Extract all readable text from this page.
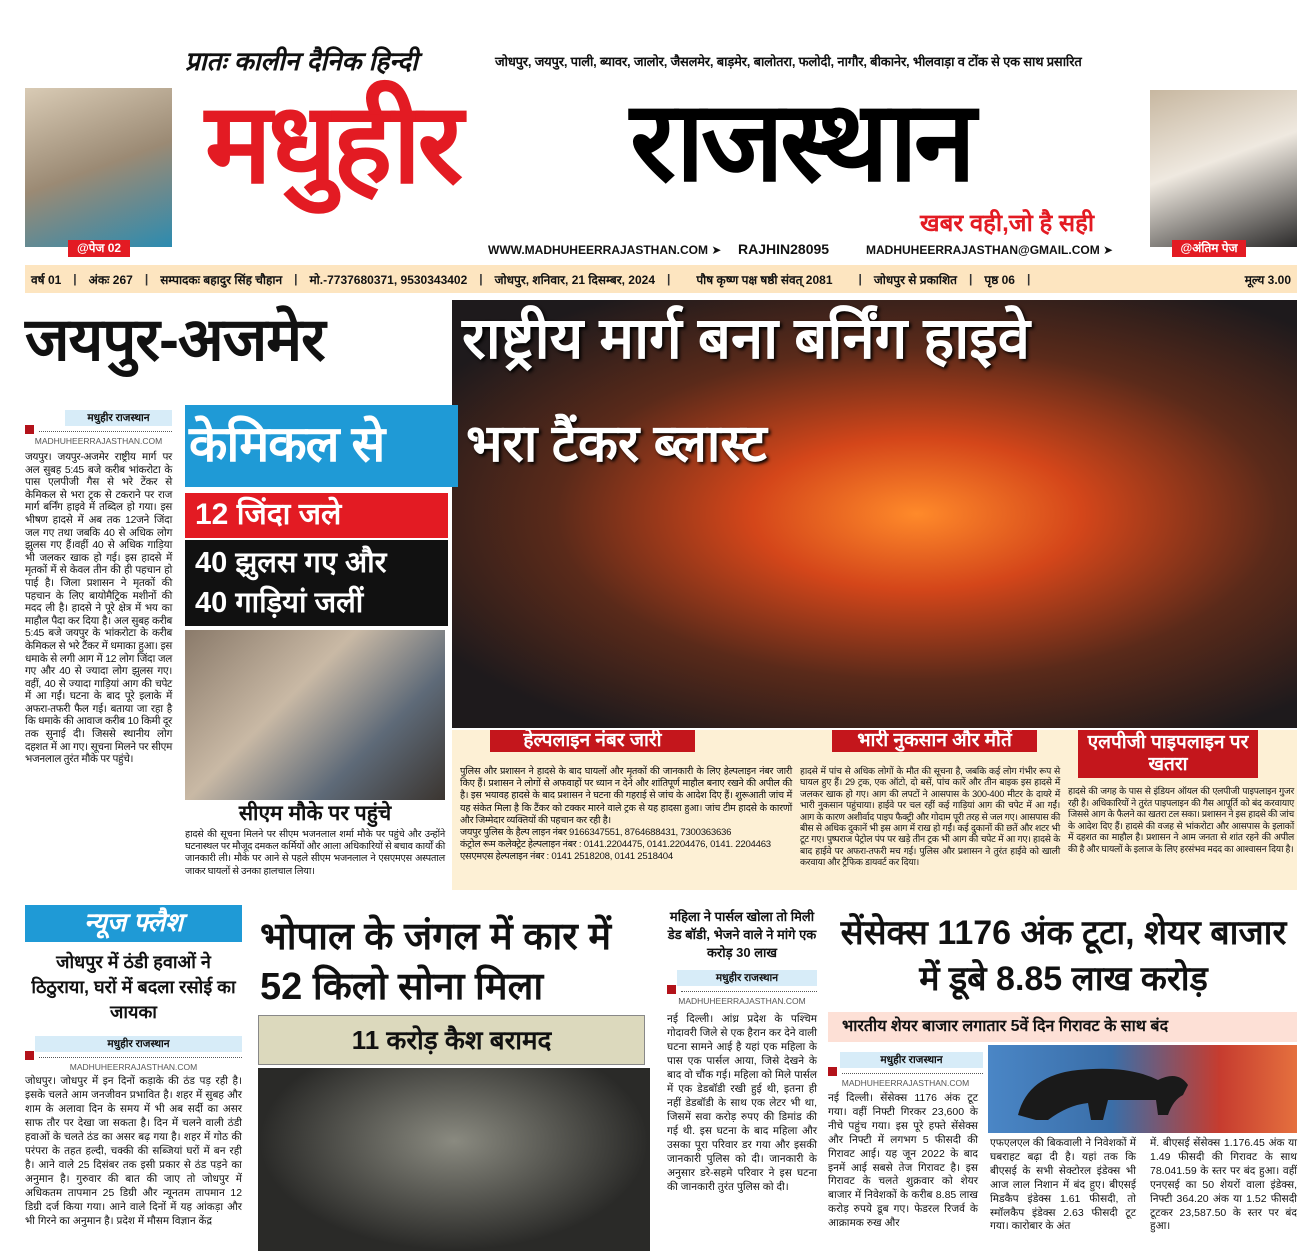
@पेज 02	@अंतिम पेज
प्रातः कालीन दैनिक हिन्दी	जोधपुर, जयपुर, पाली, ब्यावर, जालोर, जैसलमेर, बाड़मेर, बालोतरा, फलोदी, नागौर, बीकानेर, भीलवाड़ा व टोंक से एक साथ प्रसारित
मधुहीर राजस्थान
खबर वही,जो है सही
WWW.MADHUHEERRAJASTHAN.COM ➤ RAJHIN28095	MADHUHEERRAJASTHAN@GMAIL.COM ➤
वर्ष 01	|	अंकः 267	|	सम्पादकः बहादुर सिंह चौहान	|	मो.-7737680371, 9530343402	|	जोधपुर, शनिवार, 21 दिसम्बर, 2024	|	पौष कृष्ण पक्ष षष्ठी संवत् 2081	|	जोधपुर से प्रकाशित	|	पृष्ठ 06	|	मूल्य 3.00
जयपुर-अजमेर	राष्ट्रीय मार्ग बना बर्निंग हाइवे
केमिकल से	भरा टैंकर ब्लास्ट
12 जिंदा जले
40 झुलस गए और
40 गाड़ियां जलीं
सीएम मौके पर पहुंचे
हादसे की सूचना मिलने पर सीएम भजनलाल शर्मा मौके पर पहुंचे और उन्होंने घटनास्थल पर मौजूद दमकल कर्मियों और आला अधिकारियों से बचाव कार्यों की जानकारी ली। मौके पर आने से पहले सीएम भजनलाल ने एसएमएस अस्पताल जाकर घायलों से उनका हालचाल लिया।
मधुहीर राजस्थान
MADHUHEERRAJASTHAN.COM
जयपुर। जयपुर-अजमेर राष्ट्रीय मार्ग पर अल सुबह 5:45 बजे करीब भांकरोटा के पास एलपीजी गैस से भरे टेंकर से केमिकल से भरा ट्रक से टकराने पर राज मार्ग बर्निंग हाइवे में तब्दिल हो गया। इस भीषण हादसे में अब तक 12जने जिंदा जल गए तथा जबकि 40 से अधिक लोग झुलस गए हैं।वहीं 40 से अधिक गाड़िया भी जलकर खाक हो गई। इस हादसे में मृतकों में से केवल तीन की ही पहचान हो पाई है। जिला प्रशासन ने मृतकों की पहचान के लिए बायोमैट्रिक मशीनों की मदद ली है। हादसे ने पूरे क्षेत्र में भय का माहौल पैदा कर दिया है। अल सुबह करीब 5:45 बजे जयपुर के भांकरोटा के करीब केमिकल से भरे टैंकर में धमाका हुआ। इस धमाके से लगी आग में 12 लोग जिंदा जल गए और 40 से ज्यादा लोग झुलस गए। वहीं, 40 से ज्यादा गाड़ियां आग की चपेट में आ गईं। घटना के बाद पूरे इलाके में अफरा-तफरी फैल गई। बताया जा रहा है कि धमाके की आवाज करीब 10 किमी दूर तक सुनाई दी। जिससे स्थानीय लोग दहशत में आ गए। सूचना मिलने पर सीएम भजनलाल तुरंत मौके पर पहुंचे।
हेल्पलाइन नंबर जारी
पुलिस और प्रशासन ने हादसे के बाद घायलों और मृतकों की जानकारी के लिए हेल्पलाइन नंबर जारी किए हैं। प्रशासन ने लोगों से अफवाहों पर ध्यान न देने और शांतिपूर्ण माहौल बनाए रखने की अपील की है। इस भयावह हादसे के बाद प्रशासन ने घटना की गहराई से जांच के आदेश दिए हैं। शुरूआती जांच में यह संकेत मिला है कि टैंकर को टक्कर मारने वाले ट्रक से यह हादसा हुआ। जांच टीम हादसे के कारणों और जिम्मेदार व्यक्तियों की पहचान कर रही है।
जयपुर पुलिस के हैल्प लाइन नंबर 9166347551, 8764688431, 7300363636
कंट्रोल रूम कलेक्ट्रेट हेल्पलाइन नंबर : 0141.2204475, 0141.2204476, 0141. 2204463
एसएमएस हेल्पलाइन नंबर : 0141 2518208, 0141 2518404
भारी नुकसान और मौतें
हादसे में पांच से अधिक लोगों के मौत की सूचना है, जबकि कई लोग गंभीर रूप से घायल हुए हैं। 29 ट्रक, एक ऑटो, दो बसें, पांच कारें और तीन बाइक इस हादसे में जलकर खाक हो गए। आग की लपटों ने आसपास के 300-400 मीटर के दायरे में भारी नुकसान पहुंचाया। हाईवे पर चल रहीं कई गाड़ियां आग की चपेट में आ गईं। आग के कारण अशीर्वाद पाइप फैक्ट्री और गोदाम पूरी तरह से जल गए। आसपास की बीस से अधिक दुकानें भी इस आग में राख हो गईं। कई दुकानों की छतें और शटर भी टूट गए। पुष्पराज पेट्रोल पंप पर खड़े तीन ट्रक भी आग की चपेट में आ गए। हादसे के बाद हाईवे पर अफरा-तफरी मच गई। पुलिस और प्रशासन ने तुरंत हाईवे को खाली करवाया और ट्रैफिक डायवर्ट कर दिया।
एलपीजी पाइपलाइन पर खतरा
हादसे की जगह के पास से इंडियन ऑयल की एलपीजी पाइपलाइन गुजर रही है। अधिकारियों ने तुरंत पाइपलाइन की गैस आपूर्ति को बंद करवायाए जिससे आग के फैलने का खतरा टल सका। प्रशासन ने इस हादसे की जांच के आदेश दिए हैं। हादसे की वजह से भांकरोटा और आसपास के इलाकों में दहशत का माहौल है। प्रशासन ने आम जनता से शांत रहने की अपील की है और घायलों के इलाज के लिए हरसंभव मदद का आश्वासन दिया है।
न्यूज फ्लैश
जोधपुर में ठंडी हवाओं ने ठिठुराया, घरों में बदला रसोई का जायका
मधुहीर राजस्थान
MADHUHEERRAJASTHAN.COM
जोधपुर। जोधपुर में इन दिनों कड़ाके की ठंड पड़ रही है। इसके चलते आम जनजीवन प्रभावित है। शहर में सुबह और शाम के अलावा दिन के समय में भी अब सर्दी का असर साफ तौर पर देखा जा सकता है। दिन में चलने वाली ठंडी हवाओं के चलते ठंड का असर बढ़ गया है। शहर में गोठ की परंपरा के तहत हल्दी, चक्की की सब्जियां घरों में बन रही है। आने वाले 25 दिसंबर तक इसी प्रकार से ठंड पड़ने का अनुमान है। गुरुवार की बात की जाए तो जोधपुर में अधिकतम तापमान 25 डिग्री और न्यूनतम तापमान 12 डिग्री दर्ज किया गया। आने वाले दिनों में यह आंकड़ा और भी गिरने का अनुमान है। प्रदेश में मौसम विज्ञान केंद्र
भोपाल के जंगल में कार में 52 किलो सोना मिला
11 करोड़ कैश बरामद
महिला ने पार्सल खोला तो मिली डेड बॉडी, भेजने वाले ने मांगे एक करोड़ 30 लाख
मधुहीर राजस्थान
MADHUHEERRAJASTHAN.COM
नई दिल्ली। आंध्र प्रदेश के पश्चिम गोदावरी जिले से एक हैरान कर देने वाली घटना सामने आई है यहां एक महिला के पास एक पार्सल आया, जिसे देखने के बाद वो चौंक गई। महिला को मिले पार्सल में एक डेडबॉडी रखी हुई थी, इतना ही नहीं डेडबॉडी के साथ एक लेटर भी था, जिसमें सवा करोड़ रुपए की डिमांड की गई थी. इस घटना के बाद महिला और उसका पूरा परिवार डर गया और इसकी जानकारी पुलिस को दी। जानकारी के अनुसार डरे-सहमे परिवार ने इस घटना की जानकारी तुरंत पुलिस को दी।
सेंसेक्स 1176 अंक टूटा, शेयर बाजार में डूबे 8.85 लाख करोड़
भारतीय शेयर बाजार लगातार 5वें दिन गिरावट के साथ बंद
मधुहीर राजस्थान
MADHUHEERRAJASTHAN.COM
नई दिल्ली। सेंसेक्स 1176 अंक टूट गया। वहीं निफ्टी गिरकर 23,600 के नीचे पहुंच गया। इस पूरे हफ्ते सेंसेक्स और निफ्टी में लगभग 5 फीसदी की गिरावट आई। यह जून 2022 के बाद इनमें आई सबसे तेज गिरावट है। इस गिरावट के चलते शुक्रवार को शेयर बाजार में निवेशकों के करीब 8.85 लाख करोड़ रुपये डूब गए। फेडरल रिजर्व के आक्रामक रुख और
एफएलएल की बिकवाली ने निवेशकों में घबराहट बढ़ा दी है। यहां तक कि बीएसई के सभी सेक्टोरल इंडेक्स भी आज लाल निशान में बंद हुए। बीएसई मिडकैप इंडेक्स 1.61 फीसदी, तो स्मॉलकैप इंडेक्स 2.63 फीसदी टूट गया। कारोबार के अंत
में. बीएसई सेंसेक्स 1.176.45 अंक या 1.49 फीसदी की गिरावट के साथ 78.041.59 के स्तर पर बंद हुआ। वहीं एनएसई का 50 शेयरों वाला इंडेक्स, निफ्टी 364.20 अंक या 1.52 फीसदी टूटकर 23,587.50 के स्तर पर बंद हुआ।
